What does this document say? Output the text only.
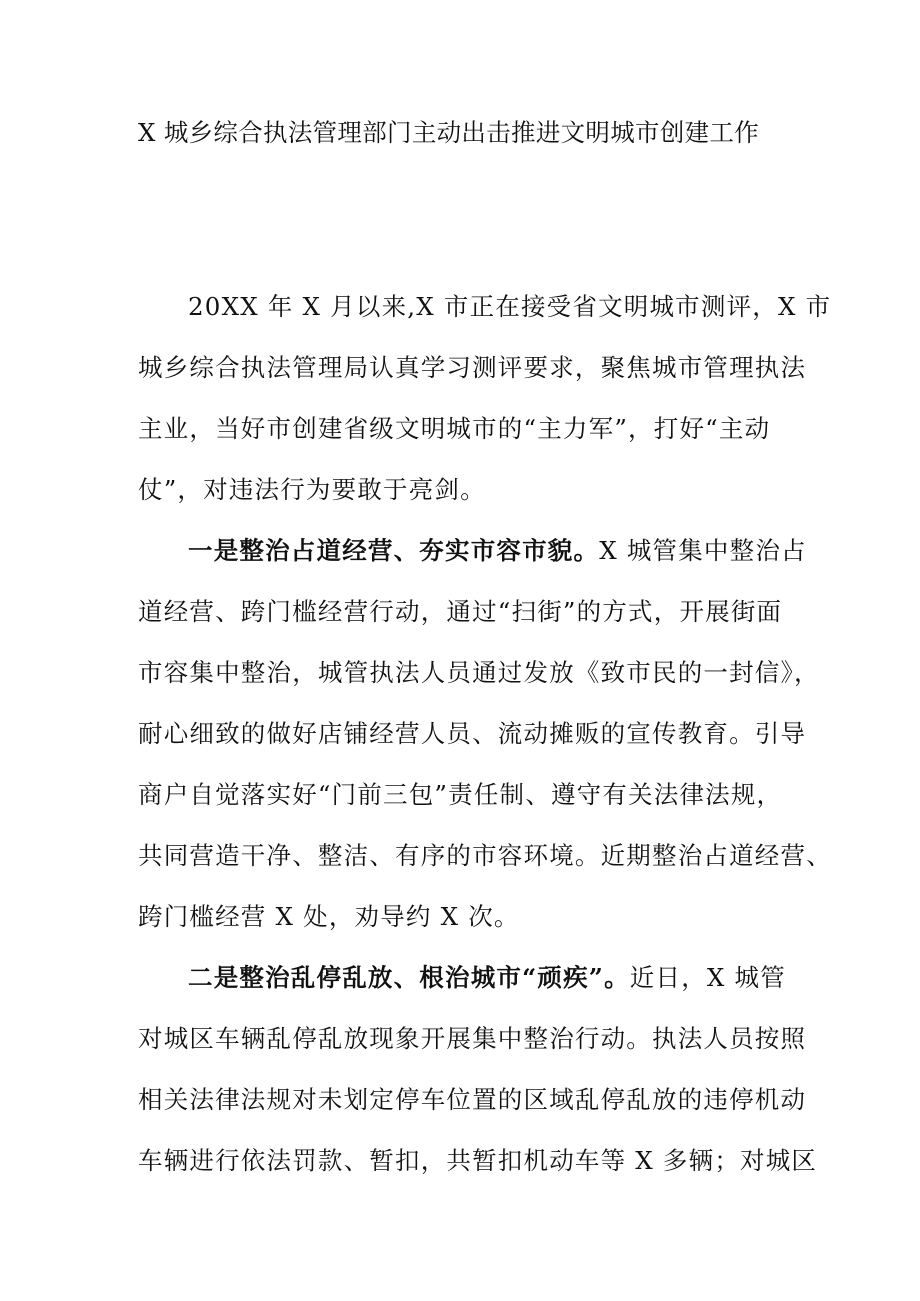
X 城乡综合执法管理部门主动出击推进文明城市创建工作
20XX 年 X 月以来,X 市正在接受省文明城市测评，X 市
城乡综合执法管理局认真学习测评要求，聚焦城市管理执法
主业，当好市创建省级文明城市的“主力军”，打好“主动
仗”，对违法行为要敢于亮剑。
一是整治占道经营、夯实市容市貌。X 城管集中整治占
道经营、跨门槛经营行动，通过“扫街”的方式，开展街面
市容集中整治，城管执法人员通过发放《致市民的一封信》，
耐心细致的做好店铺经营人员、流动摊贩的宣传教育。引导
商户自觉落实好“门前三包”责任制、遵守有关法律法规，
共同营造干净、整洁、有序的市容环境。近期整治占道经营、
跨门槛经营 X 处，劝导约 X 次。
二是整治乱停乱放、根治城市“顽疾”。近日，X 城管
对城区车辆乱停乱放现象开展集中整治行动。执法人员按照
相关法律法规对未划定停车位置的区域乱停乱放的违停机动
车辆进行依法罚款、暂扣，共暂扣机动车等 X 多辆；对城区
